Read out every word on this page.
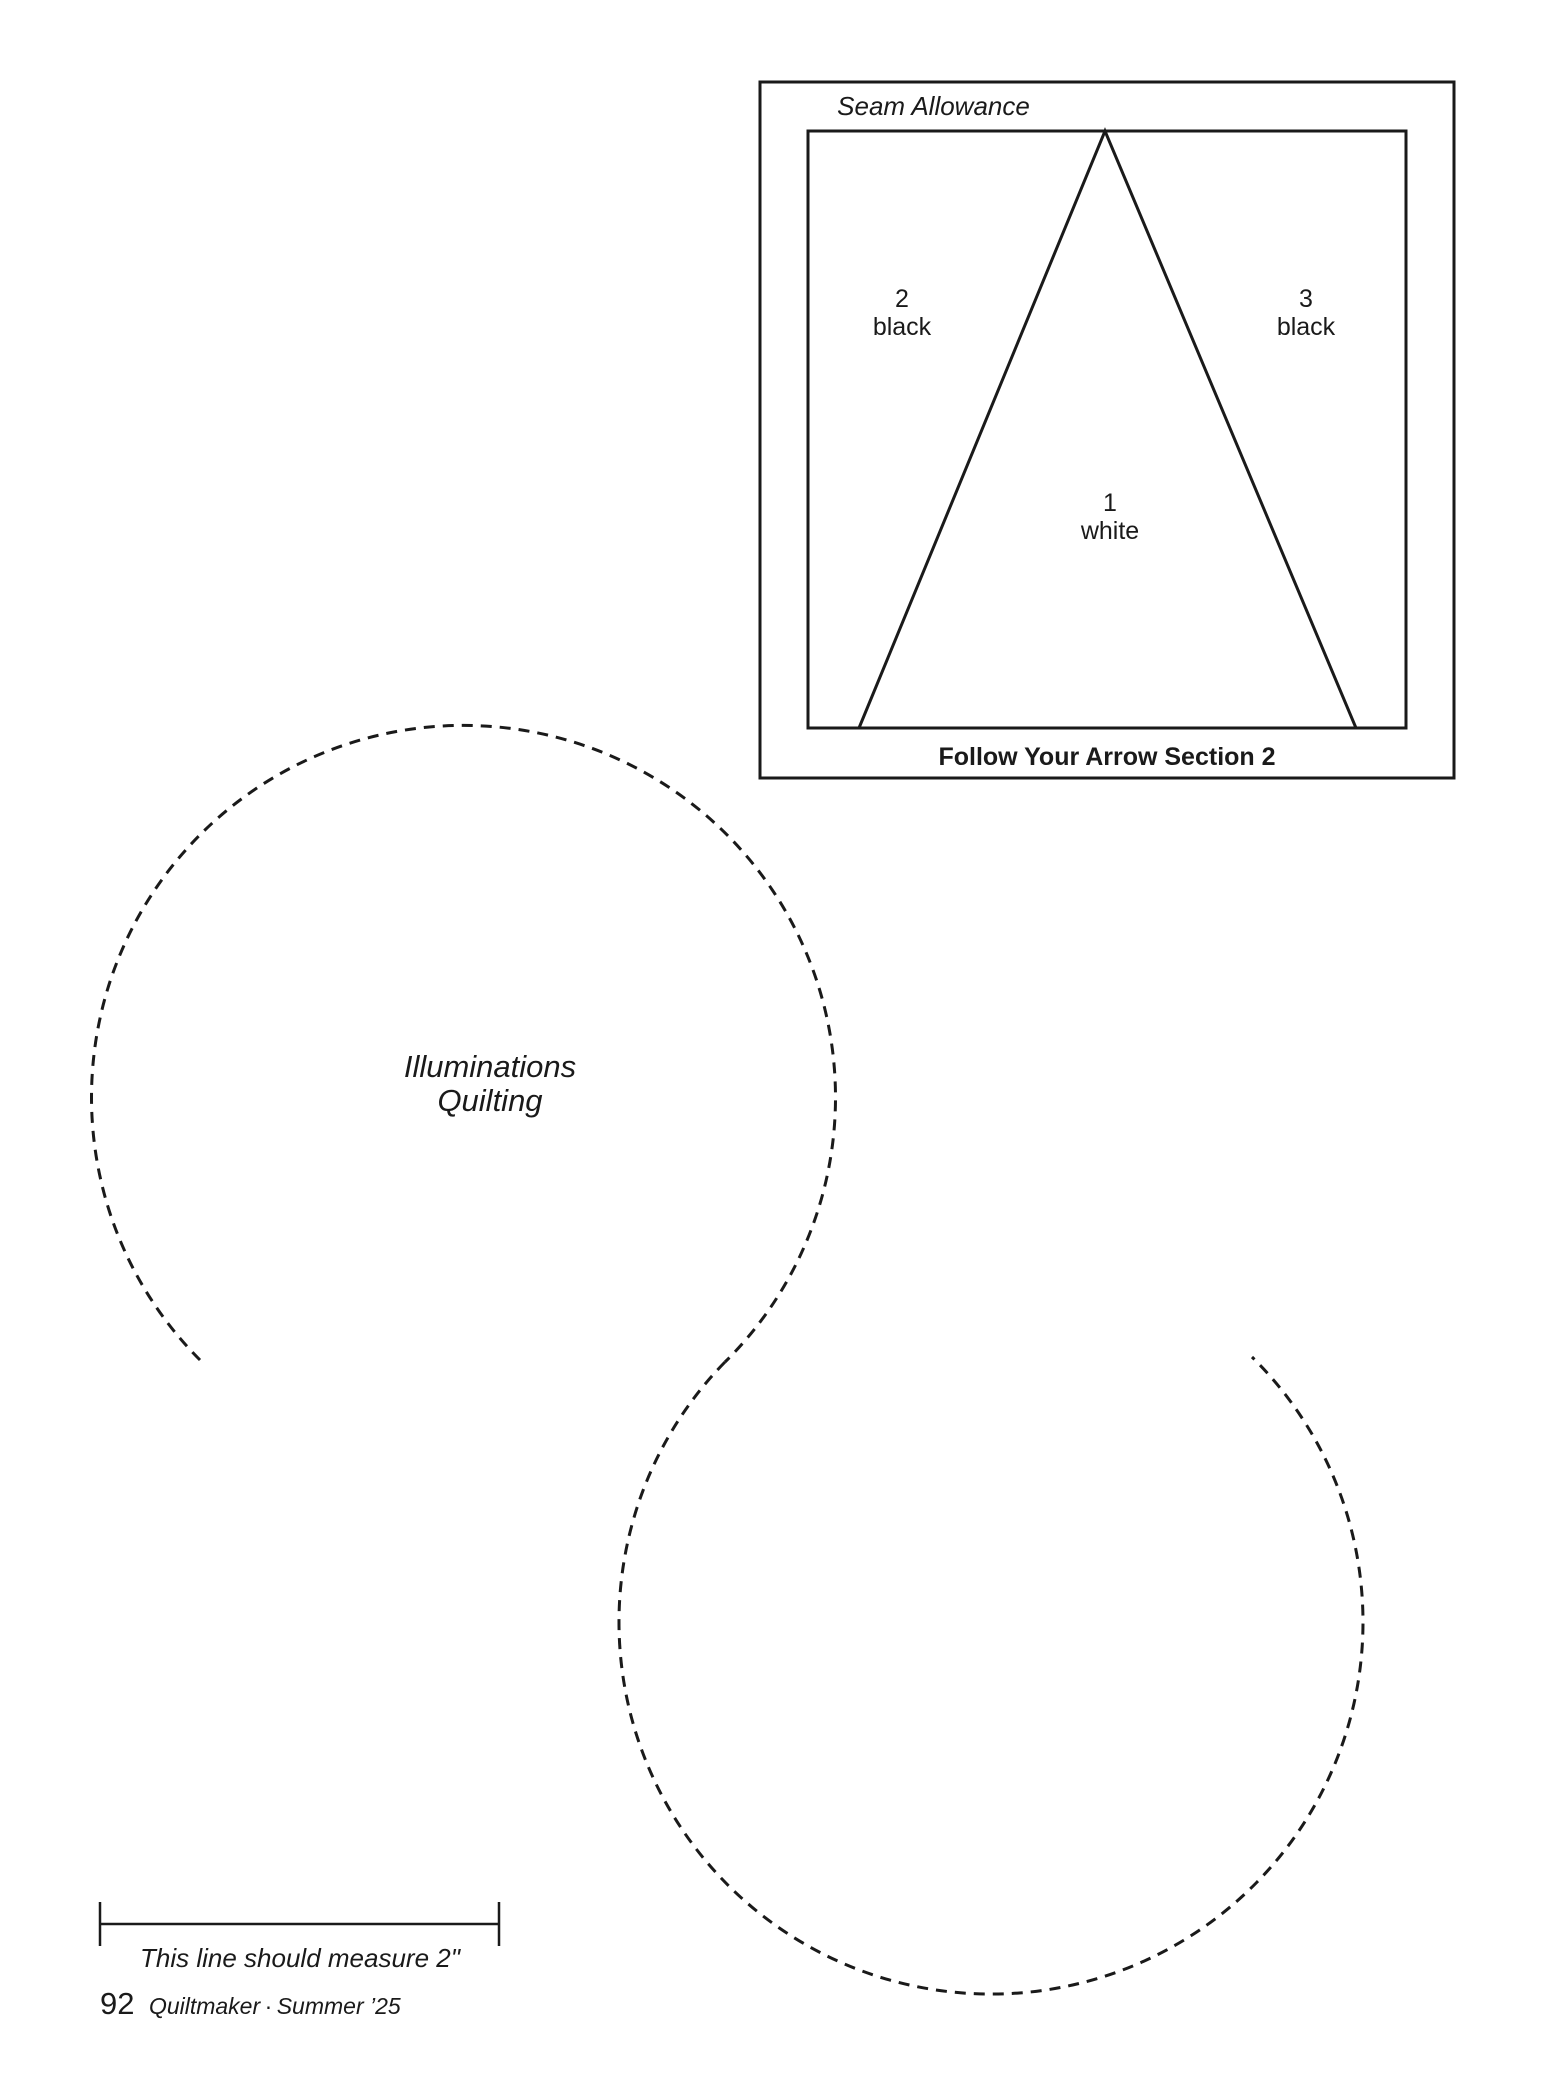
Seam Allowance
Follow Your Arrow Section 2
2
black
3
black
1
white
Illuminations
Quilting
This line should measure 2"
92 Quiltmaker · Summer ’25
